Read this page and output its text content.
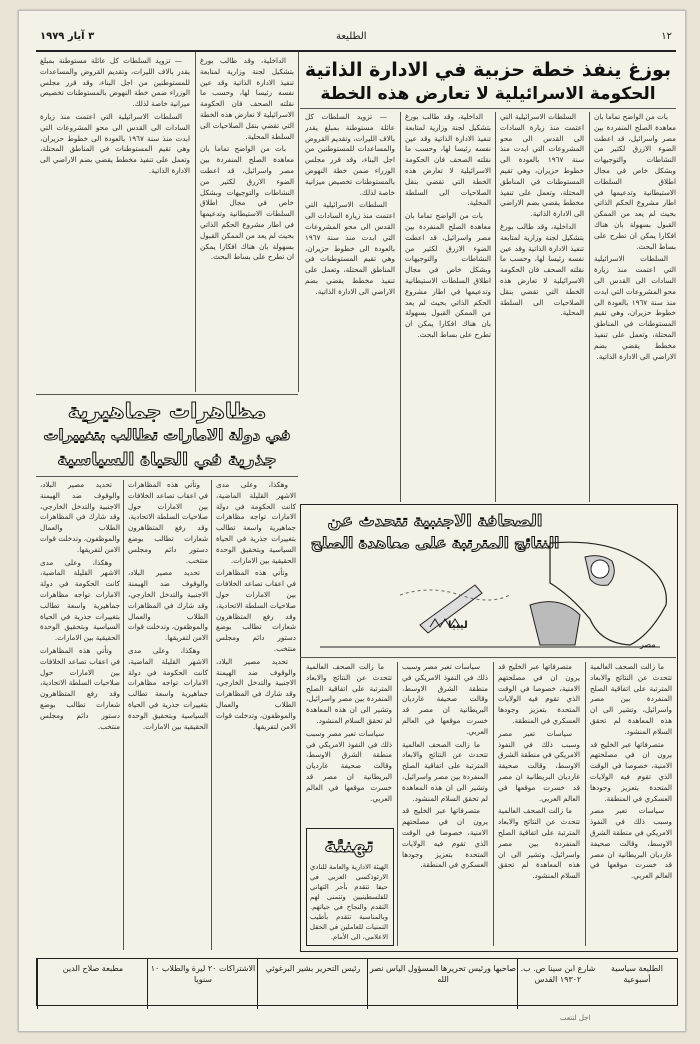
٣ آيار ١٩٧٩	الطليعة	١٢
بوزغ ينفذ خطة حزبية في الادارة الذاتية
الحكومة الاسرائيلية لا تعارض هذه الخطة

بات من الواضح تماما بان معاهدة الصلح المنفردة بين مصر واسرائيل، قد اعطت الضوء الازرق لكثير من النشاطات والتوجيهات وبشكل خاص في مجال اطلاق السلطات الاستيطانية وتدعيمها في اطار مشروع الحكم الذاتي بحيث لم يعد من الممكن القبول بسهولة بان هناك افكارا يمكن ان تطرح على بساط البحث.

السلطات الاسرائيلية التي اعتمت منذ زيارة السادات الى القدس الى محو المشروعات التي ابدت منذ سنة ١٩٦٧ بالعودة الى خطوط حزيران، وهي تقيم المستوطنات في المناطق المحتلة، وتعمل على تنفيذ مخطط يقضي بضم الاراضي الى الادارة الذاتية.

السلطات الاسرائيلية التي اعتمت منذ زيارة السادات الى القدس الى محو المشروعات التي ابدت منذ سنة ١٩٦٧ بالعودة الى خطوط حزيران، وهي تقيم المستوطنات في المناطق المحتلة، وتعمل على تنفيذ مخطط يقضي بضم الاراضي الى الادارة الذاتية.

الداخلية، وقد طالب بورغ بتشكيل لجنة وزارية لمتابعة تنفيذ الادارة الذاتية وقد عين نفسه رئيسا لها، وحسب ما نقلته الصحف فان الحكومة الاسرائيلية لا تعارض هذه الخطة التي تقضي بنقل الصلاحيات الى السلطة المحلية.

الداخلية، وقد طالب بورغ بتشكيل لجنة وزارية لمتابعة تنفيذ الادارة الذاتية وقد عين نفسه رئيسا لها، وحسب ما نقلته الصحف فان الحكومة الاسرائيلية لا تعارض هذه الخطة التي تقضي بنقل الصلاحيات الى السلطة المحلية.

بات من الواضح تماما بان معاهدة الصلح المنفردة بين مصر واسرائيل، قد اعطت الضوء الازرق لكثير من النشاطات والتوجيهات وبشكل خاص في مجال اطلاق السلطات الاستيطانية وتدعيمها في اطار مشروع الحكم الذاتي بحيث لم يعد من الممكن القبول بسهولة بان هناك افكارا يمكن ان تطرح على بساط البحث.

— تزويد السلطات كل عائلة مستوطنة بمبلغ يقدر بالاف الليرات، وتقديم القروض والمساعدات للمستوطنين من اجل البناء، وقد قرر مجلس الوزراء ضمن خطة النهوض بالمستوطنات تخصيص ميزانية خاصة لذلك.

السلطات الاسرائيلية التي اعتمت منذ زيارة السادات الى القدس الى محو المشروعات التي ابدت منذ سنة ١٩٦٧ بالعودة الى خطوط حزيران، وهي تقيم المستوطنات في المناطق المحتلة، وتعمل على تنفيذ مخطط يقضي بضم الاراضي الى الادارة الذاتية.

الداخلية، وقد طالب بورغ بتشكيل لجنة وزارية لمتابعة تنفيذ الادارة الذاتية وقد عين نفسه رئيسا لها، وحسب ما نقلته الصحف فان الحكومة الاسرائيلية لا تعارض هذه الخطة التي تقضي بنقل الصلاحيات الى السلطة المحلية.

بات من الواضح تماما بان معاهدة الصلح المنفردة بين مصر واسرائيل، قد اعطت الضوء الازرق لكثير من النشاطات والتوجيهات وبشكل خاص في مجال اطلاق السلطات الاستيطانية وتدعيمها في اطار مشروع الحكم الذاتي بحيث لم يعد من الممكن القبول بسهولة بان هناك افكارا يمكن ان تطرح على بساط البحث.

— تزويد السلطات كل عائلة مستوطنة بمبلغ يقدر بالاف الليرات، وتقديم القروض والمساعدات للمستوطنين من اجل البناء، وقد قرر مجلس الوزراء ضمن خطة النهوض بالمستوطنات تخصيص ميزانية خاصة لذلك.

السلطات الاسرائيلية التي اعتمت منذ زيارة السادات الى القدس الى محو المشروعات التي ابدت منذ سنة ١٩٦٧ بالعودة الى خطوط حزيران، وهي تقيم المستوطنات في المناطق المحتلة، وتعمل على تنفيذ مخطط يقضي بضم الاراضي الى الادارة الذاتية.

مظاهرات جماهيرية
في دولة الامارات تطالب بتغييرات
جذرية في الحياة السياسية

وهكذا، وعلى مدى الاشهر القليلة الماضية، كانت الحكومة في دولة الامارات تواجه مظاهرات جماهيرية واسعة تطالب بتغييرات جذرية في الحياة السياسية وبتحقيق الوحدة الحقيقية بين الامارات.

وتأتي هذه المظاهرات في اعقاب تصاعد الخلافات بين الامارات حول صلاحيات السلطة الاتحادية، وقد رفع المتظاهرون شعارات تطالب بوضع دستور دائم ومجلس منتخب.

تحديد مصير البلاد، والوقوف ضد الهيمنة الاجنبية والتدخل الخارجي، وقد شارك في المظاهرات الطلاب والعمال والموظفون، وتدخلت قوات الامن لتفريقها.

وتأتي هذه المظاهرات في اعقاب تصاعد الخلافات بين الامارات حول صلاحيات السلطة الاتحادية، وقد رفع المتظاهرون شعارات تطالب بوضع دستور دائم ومجلس منتخب.

تحديد مصير البلاد، والوقوف ضد الهيمنة الاجنبية والتدخل الخارجي، وقد شارك في المظاهرات الطلاب والعمال والموظفون، وتدخلت قوات الامن لتفريقها.

وهكذا، وعلى مدى الاشهر القليلة الماضية، كانت الحكومة في دولة الامارات تواجه مظاهرات جماهيرية واسعة تطالب بتغييرات جذرية في الحياة السياسية وبتحقيق الوحدة الحقيقية بين الامارات.

تحديد مصير البلاد، والوقوف ضد الهيمنة الاجنبية والتدخل الخارجي، وقد شارك في المظاهرات الطلاب والعمال والموظفون، وتدخلت قوات الامن لتفريقها.

وهكذا، وعلى مدى الاشهر القليلة الماضية، كانت الحكومة في دولة الامارات تواجه مظاهرات جماهيرية واسعة تطالب بتغييرات جذرية في الحياة السياسية وبتحقيق الوحدة الحقيقية بين الامارات.

وتأتي هذه المظاهرات في اعقاب تصاعد الخلافات بين الامارات حول صلاحيات السلطة الاتحادية، وقد رفع المتظاهرون شعارات تطالب بوضع دستور دائم ومجلس منتخب.

الصحافة الاجنبية تتحدث عن
النتائج المترتبة على معاهدة الصلح
ليبيا
مصر

ما زالت الصحف العالمية تتحدث عن النتائج والابعاد المترتبة على اتفاقية الصلح المنفردة بين مصر واسرائيل، وتشير الى ان هذه المعاهدة لم تحقق السلام المنشود.

متصرفاتها عبر الخليج قد يرون ان في مصلحتهم الامنية، خصوصا في الوقت الذي تقوم فيه الولايات المتحدة بتعزيز وجودها العسكري في المنطقة.

سياسات تعبر مصر وسبب ذلك في النفوذ الامريكي في منطقة الشرق الاوسط، وقالت صحيفة غارديان البريطانية ان مصر قد خسرت موقعها في العالم العربي.

متصرفاتها عبر الخليج قد يرون ان في مصلحتهم الامنية، خصوصا في الوقت الذي تقوم فيه الولايات المتحدة بتعزيز وجودها العسكري في المنطقة.

سياسات تعبر مصر وسبب ذلك في النفوذ الامريكي في منطقة الشرق الاوسط، وقالت صحيفة غارديان البريطانية ان مصر قد خسرت موقعها في العالم العربي.

ما زالت الصحف العالمية تتحدث عن النتائج والابعاد المترتبة على اتفاقية الصلح المنفردة بين مصر واسرائيل، وتشير الى ان هذه المعاهدة لم تحقق السلام المنشود.

سياسات تعبر مصر وسبب ذلك في النفوذ الامريكي في منطقة الشرق الاوسط، وقالت صحيفة غارديان البريطانية ان مصر قد خسرت موقعها في العالم العربي.

ما زالت الصحف العالمية تتحدث عن النتائج والابعاد المترتبة على اتفاقية الصلح المنفردة بين مصر واسرائيل، وتشير الى ان هذه المعاهدة لم تحقق السلام المنشود.

متصرفاتها عبر الخليج قد يرون ان في مصلحتهم الامنية، خصوصا في الوقت الذي تقوم فيه الولايات المتحدة بتعزيز وجودها العسكري في المنطقة.

ما زالت الصحف العالمية تتحدث عن النتائج والابعاد المترتبة على اتفاقية الصلح المنفردة بين مصر واسرائيل، وتشير الى ان هذه المعاهدة لم تحقق السلام المنشود.

سياسات تعبر مصر وسبب ذلك في النفوذ الامريكي في منطقة الشرق الاوسط، وقالت صحيفة غارديان البريطانية ان مصر قد خسرت موقعها في العالم العربي.

تهنئة
الهيئة الادارية والعامة للنادي الارثوذكسي العربي في حيفا تتقدم بأحر التهاني للفلسطينيين وتتمنى لهم التقدم والنجاح في حياتهم. وبالمناسبة تتقدم بأطيب التمنيات للعاملين في الحقل الاعلامي، الى الأمام.
الطليعة سياسية أسبوعية
شارع ابن سينا ص. ب. ١٩٣٠٢ القدس
صاحبها ورئيس تحريرها المسؤول الياس نصر الله
رئيس التحرير بشير البرغوثي
الاشتراكات ٢٠ ليرة والطلاب ١٠ سنويا
مطبعة صلاح الدين
اجل لنتعب
